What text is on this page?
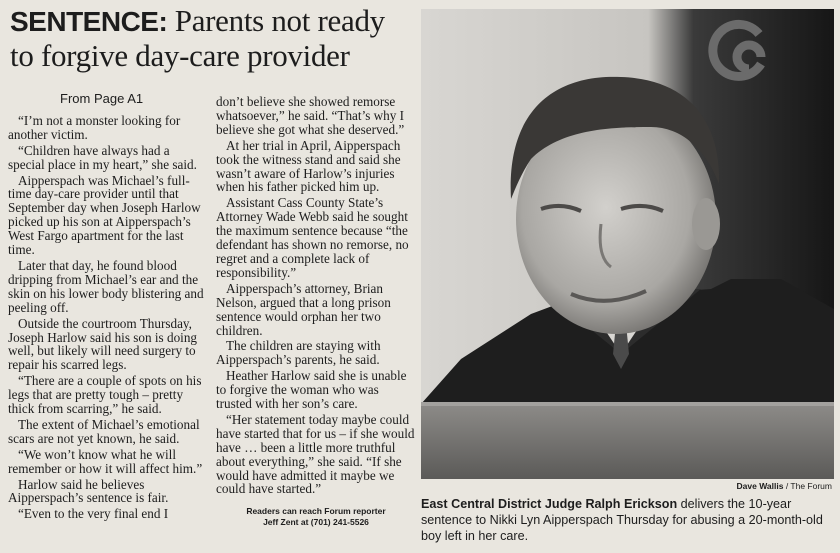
SENTENCE: Parents not ready
to forgive day-care provider
From Page A1

“I’m not a monster looking for another victim.

“Children have always had a special place in my heart,” she said.

Aipperspach was Michael’s full-time day-care provider until that September day when Joseph Harlow picked up his son at Aipperspach’s West Fargo apartment for the last time.

Later that day, he found blood dripping from Michael’s ear and the skin on his lower body blistering and peeling off.

Outside the courtroom Thursday, Joseph Harlow said his son is doing well, but likely will need surgery to repair his scarred legs.

“There are a couple of spots on his legs that are pretty tough – pretty thick from scarring,” he said.

The extent of Michael’s emotional scars are not yet known, he said.

“We won’t know what he will remember or how it will affect him.”

Harlow said he believes Aipperspach’s sentence is fair.

“Even to the very final end I

don’t believe she showed remorse whatsoever,” he said. “That’s why I believe she got what she deserved.”

At her trial in April, Aipperspach took the witness stand and said she wasn’t aware of Harlow’s injuries when his father picked him up.

Assistant Cass County State’s Attorney Wade Webb said he sought the maximum sentence because “the defendant has shown no remorse, no regret and a complete lack of responsibility.”

Aipperspach’s attorney, Brian Nelson, argued that a long prison sentence would orphan her two children.

The children are staying with Aipperspach’s parents, he said.

Heather Harlow said she is unable to forgive the woman who was trusted with her son’s care.

“Her statement today maybe could have started that for us – if she would have … been a little more truthful about everything,” she said. “If she would have admitted it maybe we could have started.”

Readers can reach Forum reporter
Jeff Zent at (701) 241-5526
Dave Wallis / The Forum
East Central District Judge Ralph Erickson delivers the 10-year sentence to Nikki Lyn Aipperspach Thursday for abusing a 20-month-old boy left in her care.
